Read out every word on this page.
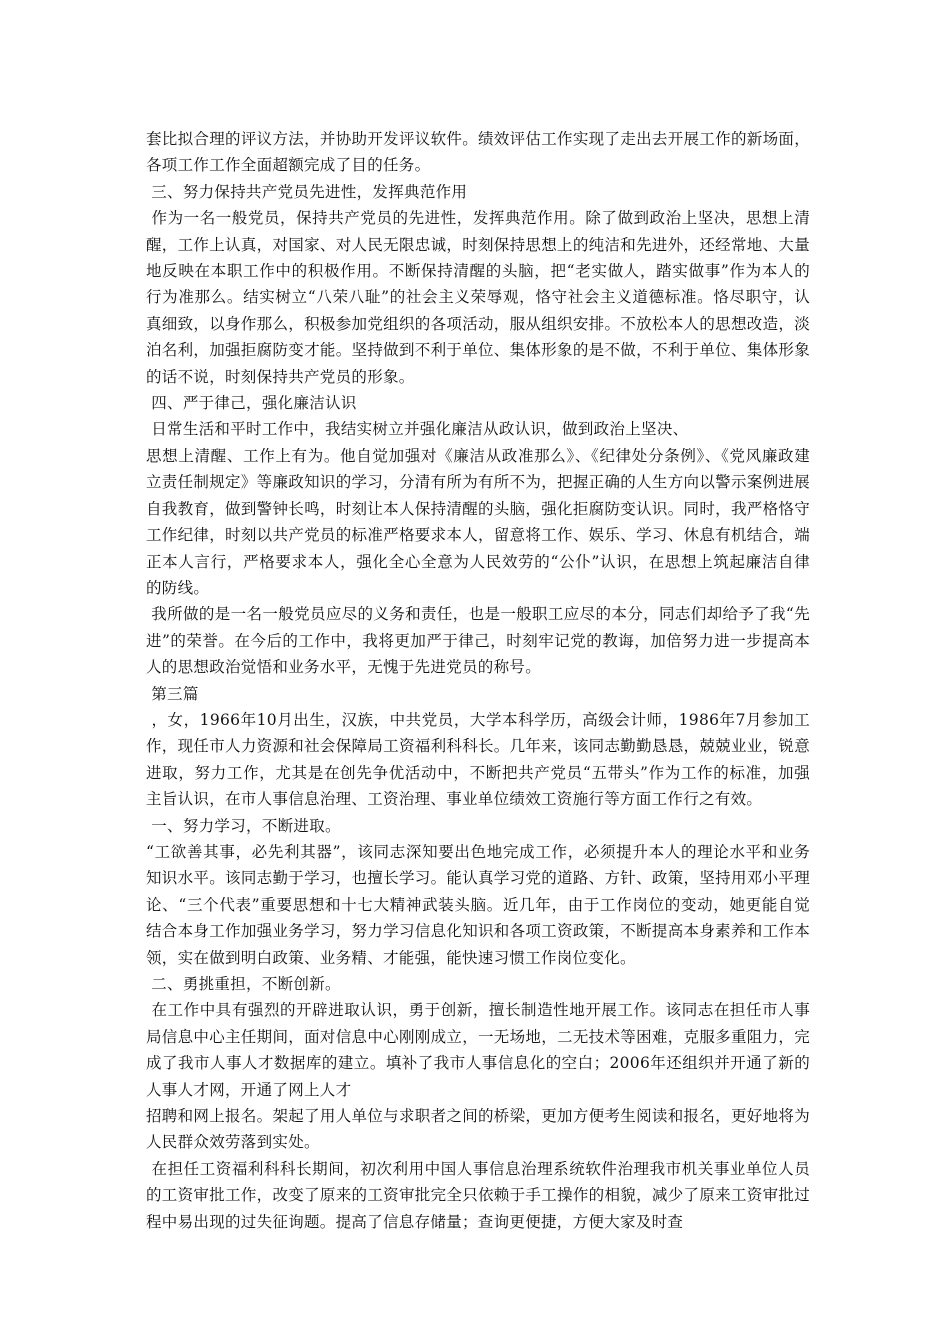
套比拟合理的评议方法，并协助开发评议软件。绩效评估工作实现了走出去开展工作的新场面，各项工作工作全面超额完成了目的任务。

三、努力保持共产党员先进性，发挥典范作用

作为一名一般党员，保持共产党员的先进性，发挥典范作用。除了做到政治上坚决，思想上清醒，工作上认真，对国家、对人民无限忠诚，时刻保持思想上的纯洁和先进外，还经常地、大量地反映在本职工作中的积极作用。不断保持清醒的头脑，把“老实做人，踏实做事”作为本人的行为准那么。结实树立“八荣八耻”的社会主义荣辱观，恪守社会主义道德标准。恪尽职守，认真细致，以身作那么，积极参加党组织的各项活动，服从组织安排。不放松本人的思想改造，淡泊名利，加强拒腐防变才能。坚持做到不利于单位、集体形象的是不做，不利于单位、集体形象的话不说，时刻保持共产党员的形象。

四、严于律己，强化廉洁认识

日常生活和平时工作中，我结实树立并强化廉洁从政认识，做到政治上坚决、

思想上清醒、工作上有为。他自觉加强对《廉洁从政准那么》、《纪律处分条例》、《党风廉政建立责任制规定》等廉政知识的学习，分清有所为有所不为，把握正确的人生方向以警示案例进展自我教育，做到警钟长鸣，时刻让本人保持清醒的头脑，强化拒腐防变认识。同时，我严格恪守工作纪律，时刻以共产党员的标准严格要求本人，留意将工作、娱乐、学习、休息有机结合，端正本人言行，严格要求本人，强化全心全意为人民效劳的“公仆”认识，在思想上筑起廉洁自律的防线。

我所做的是一名一般党员应尽的义务和责任，也是一般职工应尽的本分，同志们却给予了我“先进”的荣誉。在今后的工作中，我将更加严于律己，时刻牢记党的教诲，加倍努力进一步提高本人的思想政治觉悟和业务水平，无愧于先进党员的称号。

第三篇

，女，1966年10月出生，汉族，中共党员，大学本科学历，高级会计师，1986年7月参加工作，现任市人力资源和社会保障局工资福利科科长。几年来，该同志勤勤恳恳，兢兢业业，锐意进取，努力工作，尤其是在创先争优活动中，不断把共产党员“五带头”作为工作的标准，加强主旨认识，在市人事信息治理、工资治理、事业单位绩效工资施行等方面工作行之有效。

一、努力学习，不断进取。

“工欲善其事，必先利其器”，该同志深知要出色地完成工作，必须提升本人的理论水平和业务知识水平。该同志勤于学习，也擅长学习。能认真学习党的道路、方针、政策，坚持用邓小平理论、“三个代表”重要思想和十七大精神武装头脑。近几年，由于工作岗位的变动，她更能自觉结合本身工作加强业务学习，努力学习信息化知识和各项工资政策，不断提高本身素养和工作本领，实在做到明白政策、业务精、才能强，能快速习惯工作岗位变化。

二、勇挑重担，不断创新。

在工作中具有强烈的开辟进取认识，勇于创新，擅长制造性地开展工作。该同志在担任市人事局信息中心主任期间，面对信息中心刚刚成立，一无场地，二无技术等困难，克服多重阻力，完成了我市人事人才数据库的建立。填补了我市人事信息化的空白；2006年还组织并开通了新的人事人才网，开通了网上人才

招聘和网上报名。架起了用人单位与求职者之间的桥梁，更加方便考生阅读和报名，更好地将为人民群众效劳落到实处。

在担任工资福利科科长期间，初次利用中国人事信息治理系统软件治理我市机关事业单位人员的工资审批工作，改变了原来的工资审批完全只依赖于手工操作的相貌，减少了原来工资审批过程中易出现的过失征询题。提高了信息存储量；查询更便捷，方便大家及时查
